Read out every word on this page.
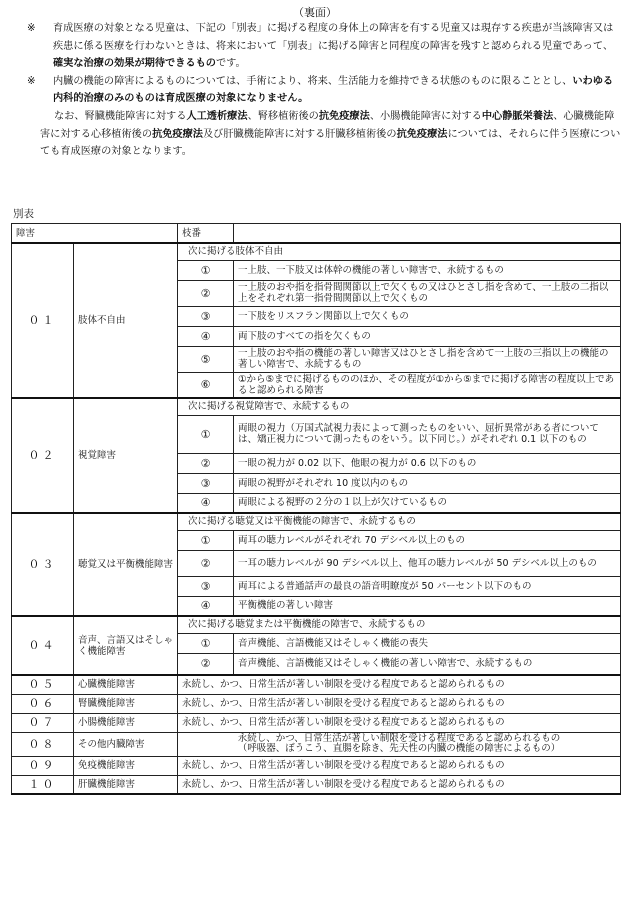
（裏面）
※ 育成医療の対象となる児童は、下記の「別表」に掲げる程度の身体上の障害を有する児童又は現存する疾患が当該障害又は疾患に係る医療を行わないときは、将来において「別表」に掲げる障害と同程度の障害を残すと認められる児童であって、確実な治療の効果が期待できるものです。
※ 内臓の機能の障害によるものについては、手術により、将来、生活能力を維持できる状態のものに限ることとし、いわゆる内科的治療のみのものは育成医療の対象になりません。
なお、腎臓機能障害に対する人工透析療法、腎移植術後の抗免疫療法、小腸機能障害に対する中心静脈栄養法、心臓機能障害に対する心移植術後の抗免疫療法及び肝臓機能障害に対する肝臓移植術後の抗免疫療法については、それらに伴う医療についても育成医療の対象となります。
別表
障害		枝番	
０１	肢体不自由	次に掲げる肢体不自由	
		①	一上肢、一下肢又は体幹の機能の著しい障害で、永続するもの
		②	一上肢のおや指を指骨間関節以上で欠くもの又はひとさし指を含めて、一上肢の二指以上をそれぞれ第一指骨間関節以上で欠くもの
		③	一下肢をリスフラン関節以上で欠くもの
		④	両下肢のすべての指を欠くもの
		⑤	一上肢のおや指の機能の著しい障害又はひとさし指を含めて一上肢の三指以上の機能の著しい障害で、永続するもの
		⑥	①から⑤までに掲げるもののほか、その程度が①から⑤までに掲げる障害の程度以上であると認められる障害
０２	視覚障害	次に掲げる視覚障害で、永続するもの	
		①	両眼の視力（万国式試視力表によって測ったものをいい、屈折異常がある者については、矯正視力について測ったものをいう。以下同じ。）がそれぞれ 0.1 以下のもの
		②	一眼の視力が 0.02 以下、他眼の視力が 0.6 以下のもの
		③	両眼の視野がそれぞれ 10 度以内のもの
		④	両眼による視野の２分の１以上が欠けているもの
０３	聴覚又は平衡機能障害	次に掲げる聴覚又は平衡機能の障害で、永続するもの	
		①	両耳の聴力レベルがそれぞれ 70 デシベル以上のもの
		②	一耳の聴力レベルが 90 デシベル以上、他耳の聴力レベルが 50 デシベル以上のもの
		③	両耳による普通話声の最良の語音明瞭度が 50 パーセント以下のもの
		④	平衡機能の著しい障害
０４	音声、言語又はそしゃく機能障害	次に掲げる聴覚または平衡機能の障害で、永続するもの	
		①	音声機能、言語機能又はそしゃく機能の喪失
		②	音声機能、言語機能又はそしゃく機能の著しい障害で、永続するもの
０５	心臓機能障害	永続し、かつ、日常生活が著しい制限を受ける程度であると認められるもの	
０６	腎臓機能障害	永続し、かつ、日常生活が著しい制限を受ける程度であると認められるもの	
０７	小腸機能障害	永続し、かつ、日常生活が著しい制限を受ける程度であると認められるもの	
０８	その他内臓障害	永続し、かつ、日常生活が著しい制限を受ける程度であると認められるもの
（呼吸器、ぼうこう、直腸を除き、先天性の内臓の機能の障害によるもの）	
０９	免疫機能障害	永続し、かつ、日常生活が著しい制限を受ける程度であると認められるもの	
１０	肝臓機能障害	永続し、かつ、日常生活が著しい制限を受ける程度であると認められるもの	
